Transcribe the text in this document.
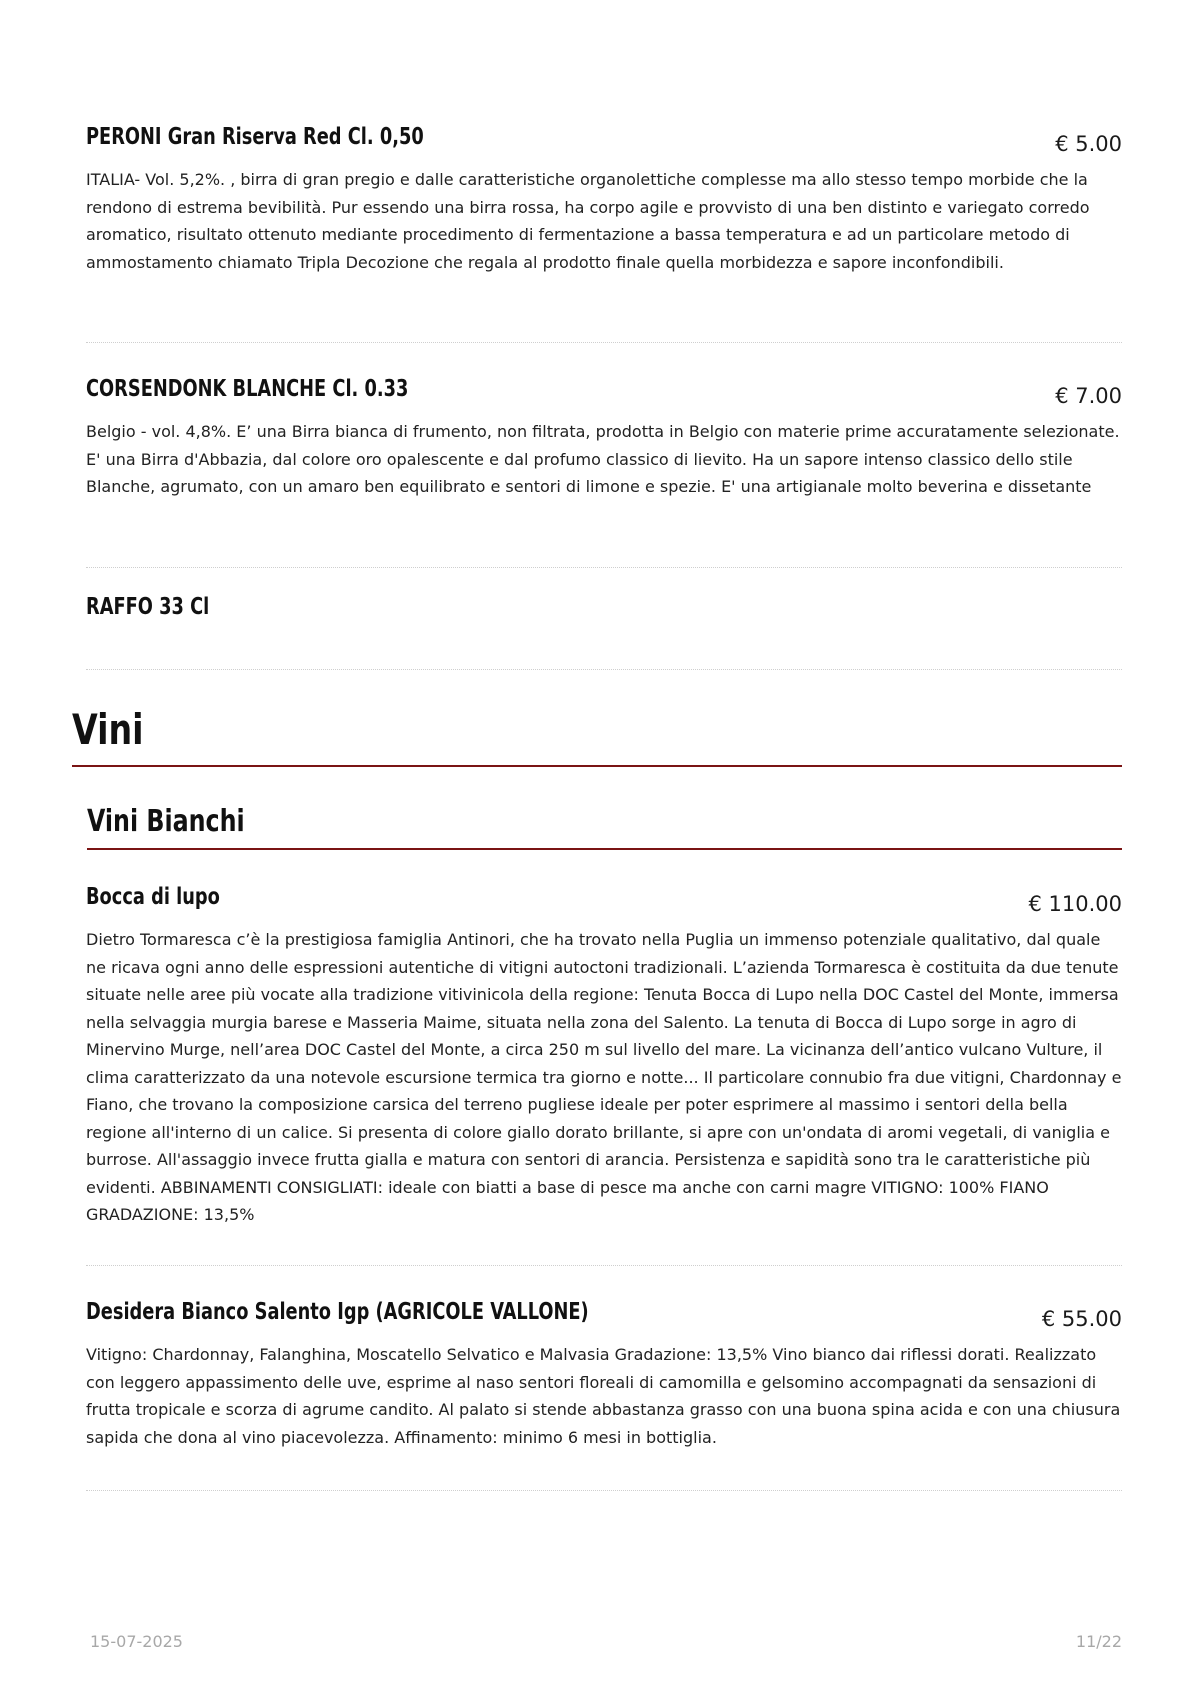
PERONI Gran Riserva Red Cl. 0,50	€ 5.00
ITALIA- Vol. 5,2%. , birra di gran pregio e dalle caratteristiche organolettiche complesse ma allo stesso tempo morbide che la rendono di estrema bevibilità. Pur essendo una birra rossa, ha corpo agile e provvisto di una ben distinto e variegato corredo aromatico, risultato ottenuto mediante procedimento di fermentazione a bassa temperatura e ad un particolare metodo di ammostamento chiamato Tripla Decozione che regala al prodotto finale quella morbidezza e sapore inconfondibili.
CORSENDONK BLANCHE Cl. 0.33	€ 7.00
Belgio - vol. 4,8%. E’ una Birra bianca di frumento, non filtrata, prodotta in Belgio con materie prime accuratamente selezionate. E' una Birra d'Abbazia, dal colore oro opalescente e dal profumo classico di lievito. Ha un sapore intenso classico dello stile Blanche, agrumato, con un amaro ben equilibrato e sentori di limone e spezie. E' una artigianale molto beverina e dissetante
RAFFO 33 Cl
Vini
Vini Bianchi
Bocca di lupo	€ 110.00
Dietro Tormaresca c’è la prestigiosa famiglia Antinori, che ha trovato nella Puglia un immenso potenziale qualitativo, dal quale ne ricava ogni anno delle espressioni autentiche di vitigni autoctoni tradizionali. L’azienda Tormaresca è costituita da due tenute situate nelle aree più vocate alla tradizione vitivinicola della regione: Tenuta Bocca di Lupo nella DOC Castel del Monte, immersa nella selvaggia murgia barese e Masseria Maime, situata nella zona del Salento. La tenuta di Bocca di Lupo sorge in agro di Minervino Murge, nell’area DOC Castel del Monte, a circa 250 m sul livello del mare. La vicinanza dell’antico vulcano Vulture, il clima caratterizzato da una notevole escursione termica tra giorno e notte... Il particolare connubio fra due vitigni, Chardonnay e Fiano, che trovano la composizione carsica del terreno pugliese ideale per poter esprimere al massimo i sentori della bella regione all'interno di un calice. Si presenta di colore giallo dorato brillante, si apre con un'ondata di aromi vegetali, di vaniglia e burrose. All'assaggio invece frutta gialla e matura con sentori di arancia. Persistenza e sapidità sono tra le caratteristiche più evidenti. ABBINAMENTI CONSIGLIATI: ideale con biatti a base di pesce ma anche con carni magre VITIGNO: 100% FIANO GRADAZIONE: 13,5%
Desidera Bianco Salento Igp (AGRICOLE VALLONE)	€ 55.00
Vitigno: Chardonnay, Falanghina, Moscatello Selvatico e Malvasia Gradazione: 13,5% Vino bianco dai riflessi dorati. Realizzato con leggero appassimento delle uve, esprime al naso sentori floreali di camomilla e gelsomino accompagnati da sensazioni di frutta tropicale e scorza di agrume candito. Al palato si stende abbastanza grasso con una buona spina acida e con una chiusura sapida che dona al vino piacevolezza. Affinamento: minimo 6 mesi in bottiglia.
15-07-2025	11/22
